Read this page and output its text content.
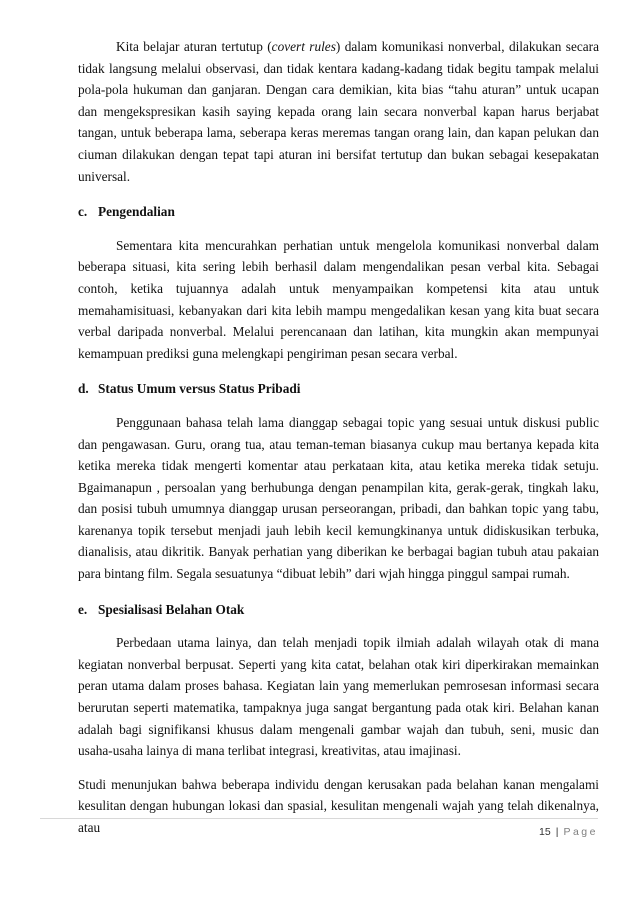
Kita belajar aturan tertutup (covert rules) dalam komunikasi nonverbal, dilakukan secara tidak langsung melalui observasi, dan tidak kentara kadang-kadang tidak begitu tampak melalui pola-pola hukuman dan ganjaran. Dengan cara demikian, kita bias “tahu aturan” untuk ucapan dan mengekspresikan kasih saying kepada orang lain secara nonverbal kapan harus berjabat tangan, untuk beberapa lama, seberapa keras meremas tangan orang lain, dan kapan pelukan dan ciuman dilakukan dengan tepat tapi aturan ini bersifat tertutup dan bukan sebagai kesepakatan universal.

c. Pengendalian

Sementara kita mencurahkan perhatian untuk mengelola komunikasi nonverbal dalam beberapa situasi, kita sering lebih berhasil dalam mengendalikan pesan verbal kita. Sebagai contoh, ketika tujuannya adalah untuk menyampaikan kompetensi kita atau untuk memahamisituasi, kebanyakan dari kita lebih mampu mengedalikan kesan yang kita buat secara verbal daripada nonverbal. Melalui perencanaan dan latihan, kita mungkin akan mempunyai kemampuan prediksi guna melengkapi pengiriman pesan secara verbal.

d. Status Umum versus Status Pribadi

Penggunaan bahasa telah lama dianggap sebagai topic yang sesuai untuk diskusi public dan pengawasan. Guru, orang tua, atau teman-teman biasanya cukup mau bertanya kepada kita ketika mereka tidak mengerti komentar atau perkataan kita, atau ketika mereka tidak setuju. Bgaimanapun , persoalan yang berhubunga dengan penampilan kita, gerak-gerak, tingkah laku, dan posisi tubuh umumnya dianggap urusan perseorangan, pribadi, dan bahkan topic yang tabu, karenanya topik tersebut menjadi jauh lebih kecil kemungkinanya untuk didiskusikan terbuka, dianalisis, atau dikritik. Banyak perhatian yang diberikan ke berbagai bagian tubuh atau pakaian para bintang film. Segala sesuatunya “dibuat lebih” dari wjah hingga pinggul sampai rumah.

e. Spesialisasi Belahan Otak

Perbedaan utama lainya, dan telah menjadi topik ilmiah adalah wilayah otak di mana kegiatan nonverbal berpusat. Seperti yang kita catat, belahan otak kiri diperkirakan memainkan peran utama dalam proses bahasa. Kegiatan lain yang memerlukan pemrosesan informasi secara berurutan seperti matematika, tampaknya juga sangat bergantung pada otak kiri. Belahan kanan adalah bagi signifikansi khusus dalam mengenali gambar wajah dan tubuh, seni, music dan usaha-usaha lainya di mana terlibat integrasi, kreativitas, atau imajinasi.

Studi menunjukan bahwa beberapa individu dengan kerusakan pada belahan kanan mengalami kesulitan dengan hubungan lokasi dan spasial, kesulitan mengenali wajah yang telah dikenalnya, atau	15 | Page
